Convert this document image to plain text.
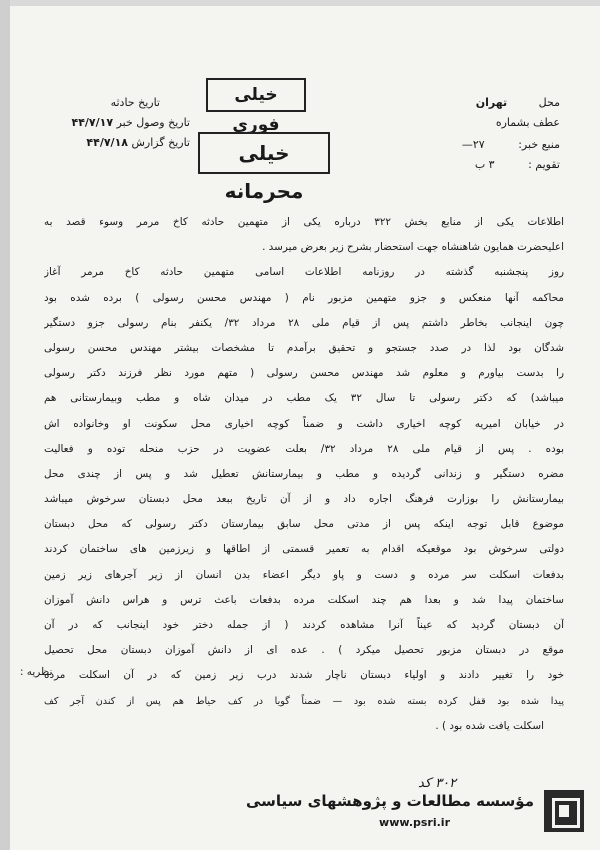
محل تهران
عطف بشماره
منبع خبر: ۲۷—
تقویم : ۳ ب
تاریخ حادثه
تاریخ وصول خبر ۴۴/۷/۱۷
تاریخ گزارش ۴۴/۷/۱۸
خیلی فوری
خیلی محرمانه
اطلاعات یکی از منابع بخش ۳۲۲ درباره یکی از متهمین حادثه کاخ مرمر وسوء قصد به
اعلیحضرت همایون شاهنشاه جهت استحضار بشرح زیر بعرض میرسد .
روز پنجشنبه گذشته در روزنامه اطلاعات اسامی متهمین حادثه کاخ مرمر آغاز
محاکمه آنها منعکس و جزو متهمین مزبور نام ( مهندس محسن رسولی ) برده شده بود
چون اینجانب بخاطر داشتم پس از قیام ملی ۲۸ مرداد ۳۲/ یکنفر بنام رسولی جزو دستگیر
شدگان بود لذا در صدد جستجو و تحقیق برآمدم تا مشخصات بیشتر مهندس محسن رسولی
را بدست بیاورم و معلوم شد مهندس محسن رسولی ( متهم مورد نظر فرزند دکتر رسولی
میباشد) که دکتر رسولی تا سال ۳۲ یک مطب در میدان شاه و مطب وبیمارستانی هم
در خیابان امیریه کوچه اخیاری داشت و ضمناً کوچه اخیاری محل سکونت او وخانواده اش
بوده . پس از قیام ملی ۲۸ مرداد ۳۲/ بعلت عضویت در حزب منحله توده و فعالیت
مضره دستگیر و زندانی گردیده و مطب و بیمارستانش تعطیل شد و پس از چندی محل
بیمارستانش را بوزارت فرهنگ اجاره داد و از آن تاریخ ببعد محل دبستان سرخوش میباشد
موضوع قابل توجه اینکه پس از مدتی محل سابق بیمارستان دکتر رسولی که محل دبستان
دولتی سرخوش بود موقعیکه اقدام به تعمیر قسمتی از اطاقها و زیرزمین های ساختمان کردند
بدفعات اسکلت سر مرده و دست و پاو دیگر اعضاء بدن انسان از زیر آجرهای زیر زمین
ساختمان پیدا شد و بعدا هم چند اسکلت مرده بدفعات باعث ترس و هراس دانش آموزان
آن دبستان گردید که عیناً آنرا مشاهده کردند ( از جمله دختر خود اینجانب که در آن
موقع در دبستان مزبور تحصیل میکرد ) . عده ای از دانش آموزان دبستان محل تحصیل
خود را تغییر دادند و اولیاء دبستان ناچار شدند درب زیر زمین که در آن اسکلت مرده
پیدا شده بود قفل کرده بسته شده بود — ضمناً گویا در کف حیاط هم پس از کندن آجر کف
اسکلت یافت شده بود ) .
نظریه :
۳۰۲ کد
مؤسسه مطالعات و پژوهشهای سیاسی
www.psri.ir
